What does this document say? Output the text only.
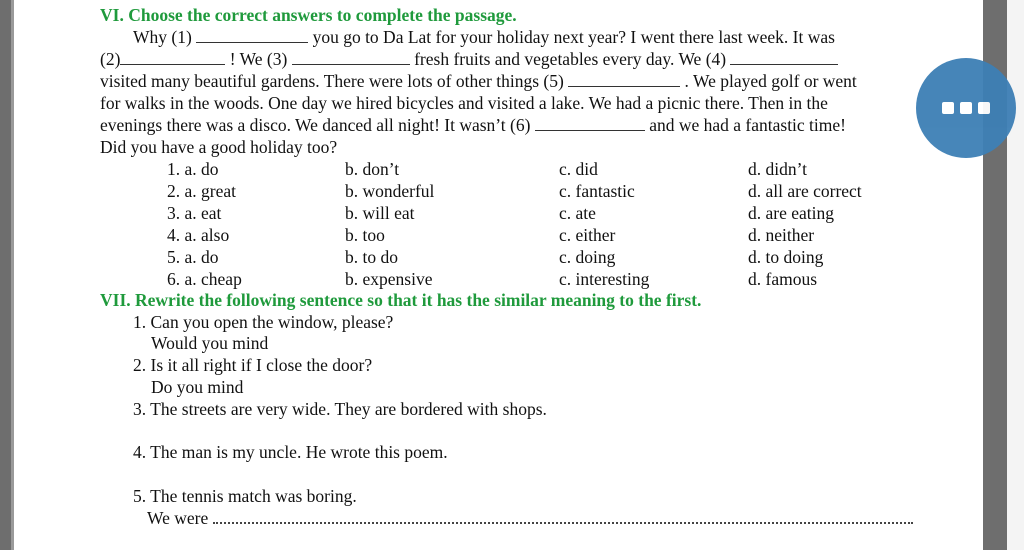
VI. Choose the correct answers to complete the passage.
Why (1)	you go to Da Lat for your holiday next year? I went there last week. It was
(2)	! We (3)	fresh fruits and vegetables every day. We (4)
visited many beautiful gardens. There were lots of other things (5)	. We played golf or went
for walks in the woods. One day we hired bicycles and visited a lake. We had a picnic there. Then in the
evenings there was a disco. We danced all night! It wasn’t (6)	and we had a fantastic time!
Did you have a good holiday too?
1. a. do	b. don’t	c. did	d. didn’t
2. a. great	b. wonderful	c. fantastic	d. all are correct
3. a. eat	b. will eat	c. ate	d. are eating
4. a. also	b. too	c. either	d. neither
5. a. do	b. to do	c. doing	d. to doing
6. a. cheap	b. expensive	c. interesting	d. famous
VII. Rewrite the following sentence so that it has the similar meaning to the first.
1. Can you open the window, please?
Would you mind
2. Is it all right if I close the door?
Do you mind
3. The streets are very wide. They are bordered with shops.
4. The man is my uncle. He wrote this poem.
5. The tennis match was boring.
We were
